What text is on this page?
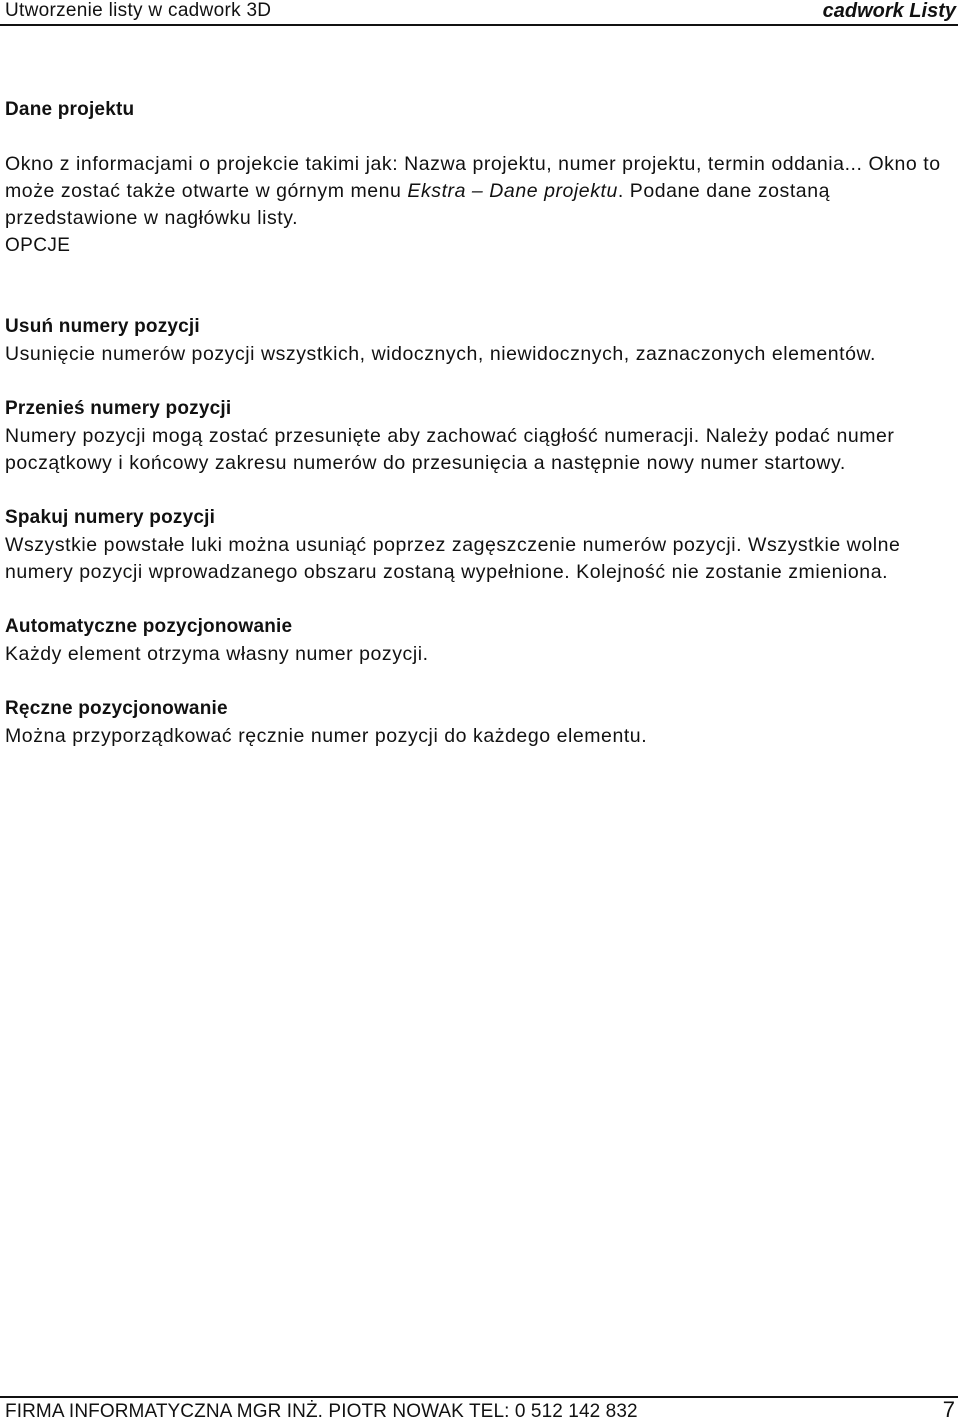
Utworzenie listy w cadwork 3D	cadwork Listy

Dane projektu

Okno z informacjami o projekcie takimi jak: Nazwa projektu, numer projektu, termin oddania... Okno to może zostać także otwarte w górnym menu Ekstra – Dane projektu. Podane dane zostaną przedstawione w nagłówku listy.

OPCJE

Usuń numery pozycji

Usunięcie numerów pozycji wszystkich, widocznych, niewidocznych, zaznaczonych elementów.

Przenieś numery pozycji

Numery pozycji mogą zostać przesunięte aby zachować ciągłość numeracji. Należy podać numer początkowy i końcowy zakresu numerów do przesunięcia a następnie nowy numer startowy.

Spakuj numery pozycji

Wszystkie powstałe luki można usuniąć poprzez zagęszczenie numerów pozycji. Wszystkie wolne numery pozycji wprowadzanego obszaru zostaną wypełnione. Kolejność nie zostanie zmieniona.

Automatyczne pozycjonowanie

Każdy element otrzyma własny numer pozycji.

Ręczne pozycjonowanie

Można przyporządkować ręcznie numer pozycji do każdego elementu.

FIRMA INFORMATYCZNA MGR INŻ. PIOTR NOWAK TEL: 0 512 142 832	7
